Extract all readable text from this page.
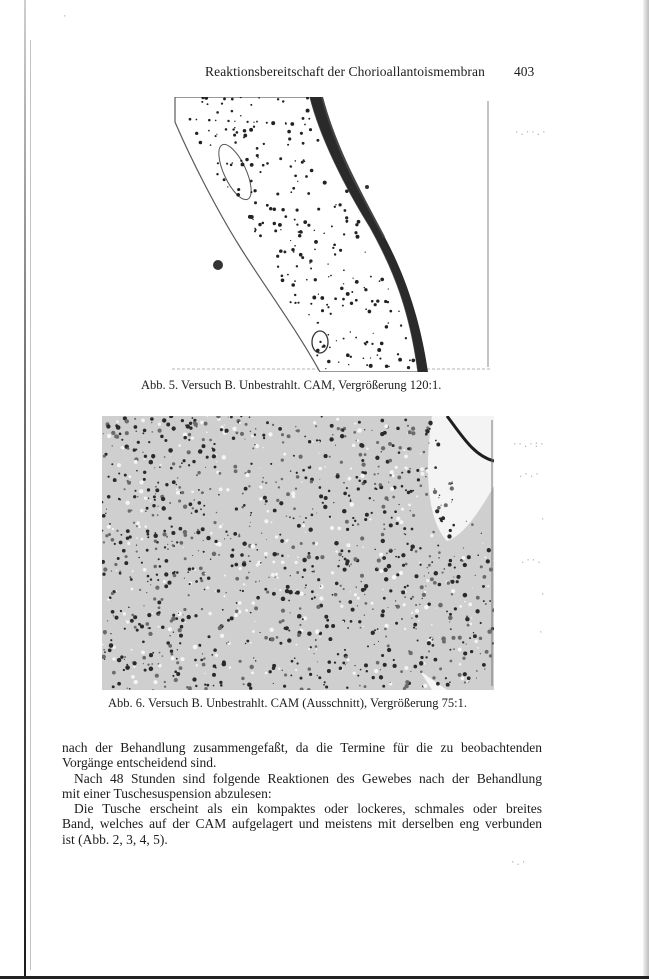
Reaktionsbereitschaft der Chorioallantoismembran 403
Abb. 5. Versuch B. Unbestrahlt. CAM, Vergrößerung 120:1.
Abb. 6. Versuch B. Unbestrahlt. CAM (Ausschnitt), Vergrößerung 75:1.

nach der Behandlung zusammengefaßt, da die Termine für die zu beobachtenden

Vorgänge entscheidend sind.

Nach 48 Stunden sind folgende Reaktionen des Gewebes nach der Behandlung

mit einer Tuschesuspension abzulesen:

Die Tusche erscheint als ein kompaktes oder lockeres, schmales oder breites

Band, welches auf der CAM aufgelagert und meistens mit derselben eng verbunden

ist (Abb. 2, 3, 4, 5).

·.··.·
··.·:·
.·.·
·
.··.
·
·
·.·
·
